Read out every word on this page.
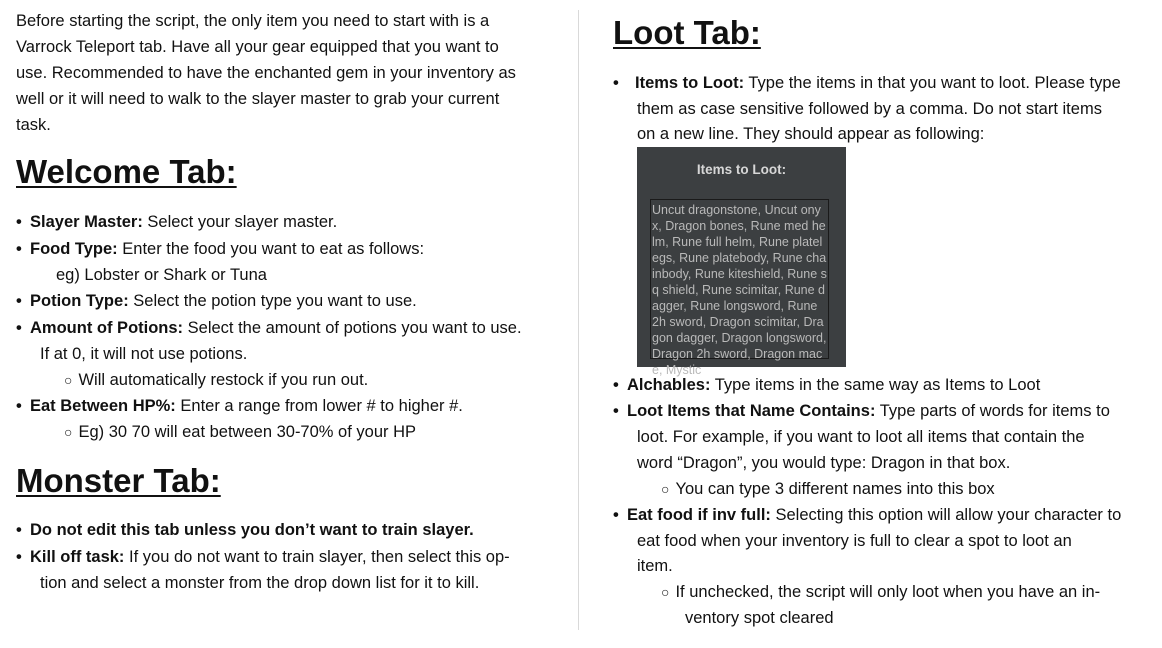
Before starting the script, the only item you need to start with is a

Varrock Teleport tab. Have all your gear equipped that you want to

use. Recommended to have the enchanted gem in your inventory as

well or it will need to walk to the slayer master to grab your current

task.

Welcome Tab:
• Slayer Master: Select your slayer master.
• Food Type: Enter the food you want to eat as follows:
eg) Lobster or Shark or Tuna
• Potion Type: Select the potion type you want to use.
• Amount of Potions: Select the amount of potions you want to use.
If at 0, it will not use potions.
○ Will automatically restock if you run out.
• Eat Between HP%: Enter a range from lower # to higher #.
○ Eg) 30 70 will eat between 30-70% of your HP
Monster Tab:
• Do not edit this tab unless you don’t want to train slayer.
• Kill off task: If you do not want to train slayer, then select this op-
tion and select a monster from the drop down list for it to kill.
Loot Tab:
• Items to Loot: Type the items in that you want to loot. Please type
them as case sensitive followed by a comma. Do not start items
on a new line. They should appear as following:
Items to Loot:
Uncut dragonstone, Uncut onyx, Dragon bones, Rune med helm, Rune full helm, Rune platelegs, Rune platebody, Rune chainbody, Rune kiteshield, Rune sq shield, Rune scimitar, Rune dagger, Rune longsword, Rune 2h sword, Dragon scimitar, Dragon dagger, Dragon longsword, Dragon 2h sword, Dragon mace, Mystic
• Alchables: Type items in the same way as Items to Loot
• Loot Items that Name Contains: Type parts of words for items to
loot. For example, if you want to loot all items that contain the
word “Dragon”, you would type: Dragon in that box.
○ You can type 3 different names into this box
• Eat food if inv full: Selecting this option will allow your character to
eat food when your inventory is full to clear a spot to loot an
item.
○ If unchecked, the script will only loot when you have an in-
ventory spot cleared
